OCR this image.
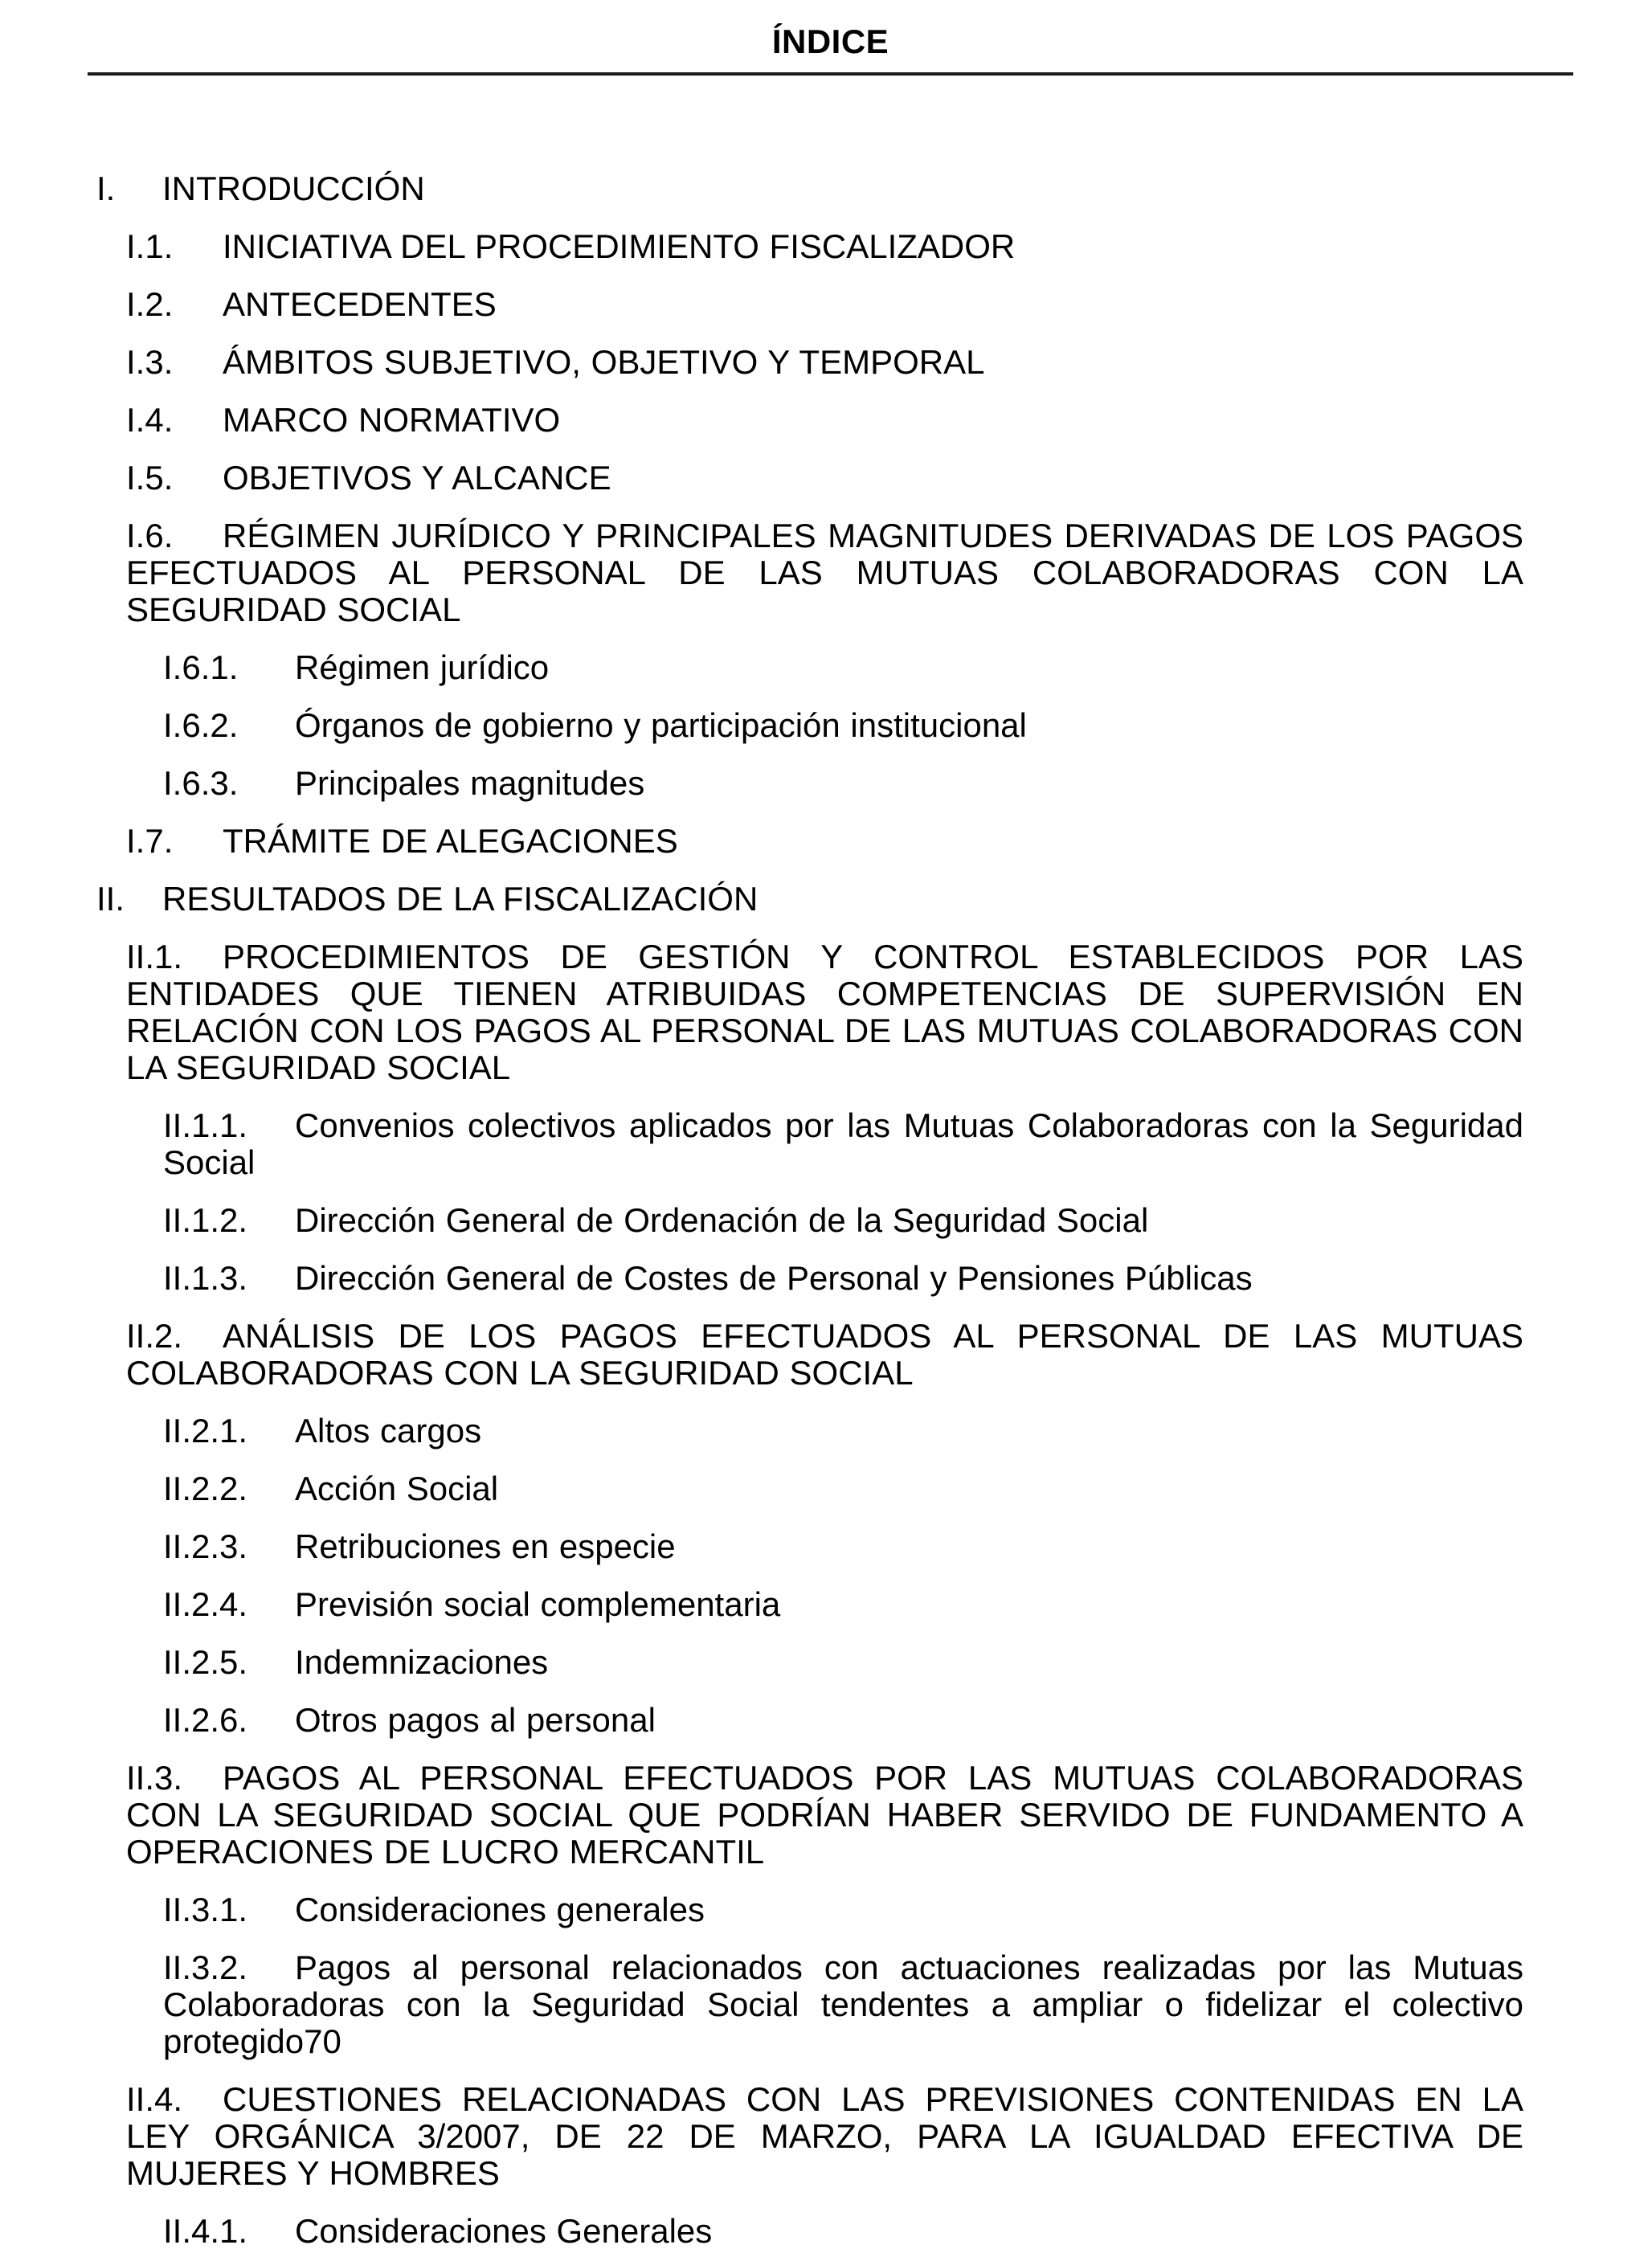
ÍNDICE
I. INTRODUCCIÓN
I.1. INICIATIVA DEL PROCEDIMIENTO FISCALIZADOR
I.2. ANTECEDENTES
I.3. ÁMBITOS SUBJETIVO, OBJETIVO Y TEMPORAL
I.4. MARCO NORMATIVO
I.5. OBJETIVOS Y ALCANCE
I.6. RÉGIMEN JURÍDICO Y PRINCIPALES MAGNITUDES DERIVADAS DE LOS PAGOS EFECTUADOS AL PERSONAL DE LAS MUTUAS COLABORADORAS CON LA SEGURIDAD SOCIAL
I.6.1. Régimen jurídico
I.6.2. Órganos de gobierno y participación institucional
I.6.3. Principales magnitudes
I.7. TRÁMITE DE ALEGACIONES
II. RESULTADOS DE LA FISCALIZACIÓN
II.1. PROCEDIMIENTOS DE GESTIÓN Y CONTROL ESTABLECIDOS POR LAS ENTIDADES QUE TIENEN ATRIBUIDAS COMPETENCIAS DE SUPERVISIÓN EN RELACIÓN CON LOS PAGOS AL PERSONAL DE LAS MUTUAS COLABORADORAS CON LA SEGURIDAD SOCIAL
II.1.1. Convenios colectivos aplicados por las Mutuas Colaboradoras con la Seguridad Social
II.1.2. Dirección General de Ordenación de la Seguridad Social
II.1.3. Dirección General de Costes de Personal y Pensiones Públicas
II.2. ANÁLISIS DE LOS PAGOS EFECTUADOS AL PERSONAL DE LAS MUTUAS COLABORADORAS CON LA SEGURIDAD SOCIAL
II.2.1. Altos cargos
II.2.2. Acción Social
II.2.3. Retribuciones en especie
II.2.4. Previsión social complementaria
II.2.5. Indemnizaciones
II.2.6. Otros pagos al personal
II.3. PAGOS AL PERSONAL EFECTUADOS POR LAS MUTUAS COLABORADORAS CON LA SEGURIDAD SOCIAL QUE PODRÍAN HABER SERVIDO DE FUNDAMENTO A OPERACIONES DE LUCRO MERCANTIL
II.3.1. Consideraciones generales
II.3.2. Pagos al personal relacionados con actuaciones realizadas por las Mutuas Colaboradoras con la Seguridad Social tendentes a ampliar o fidelizar el colectivo protegido70
II.4. CUESTIONES RELACIONADAS CON LAS PREVISIONES CONTENIDAS EN LA LEY ORGÁNICA 3/2007, DE 22 DE MARZO, PARA LA IGUALDAD EFECTIVA DE MUJERES Y HOMBRES
II.4.1. Consideraciones Generales
